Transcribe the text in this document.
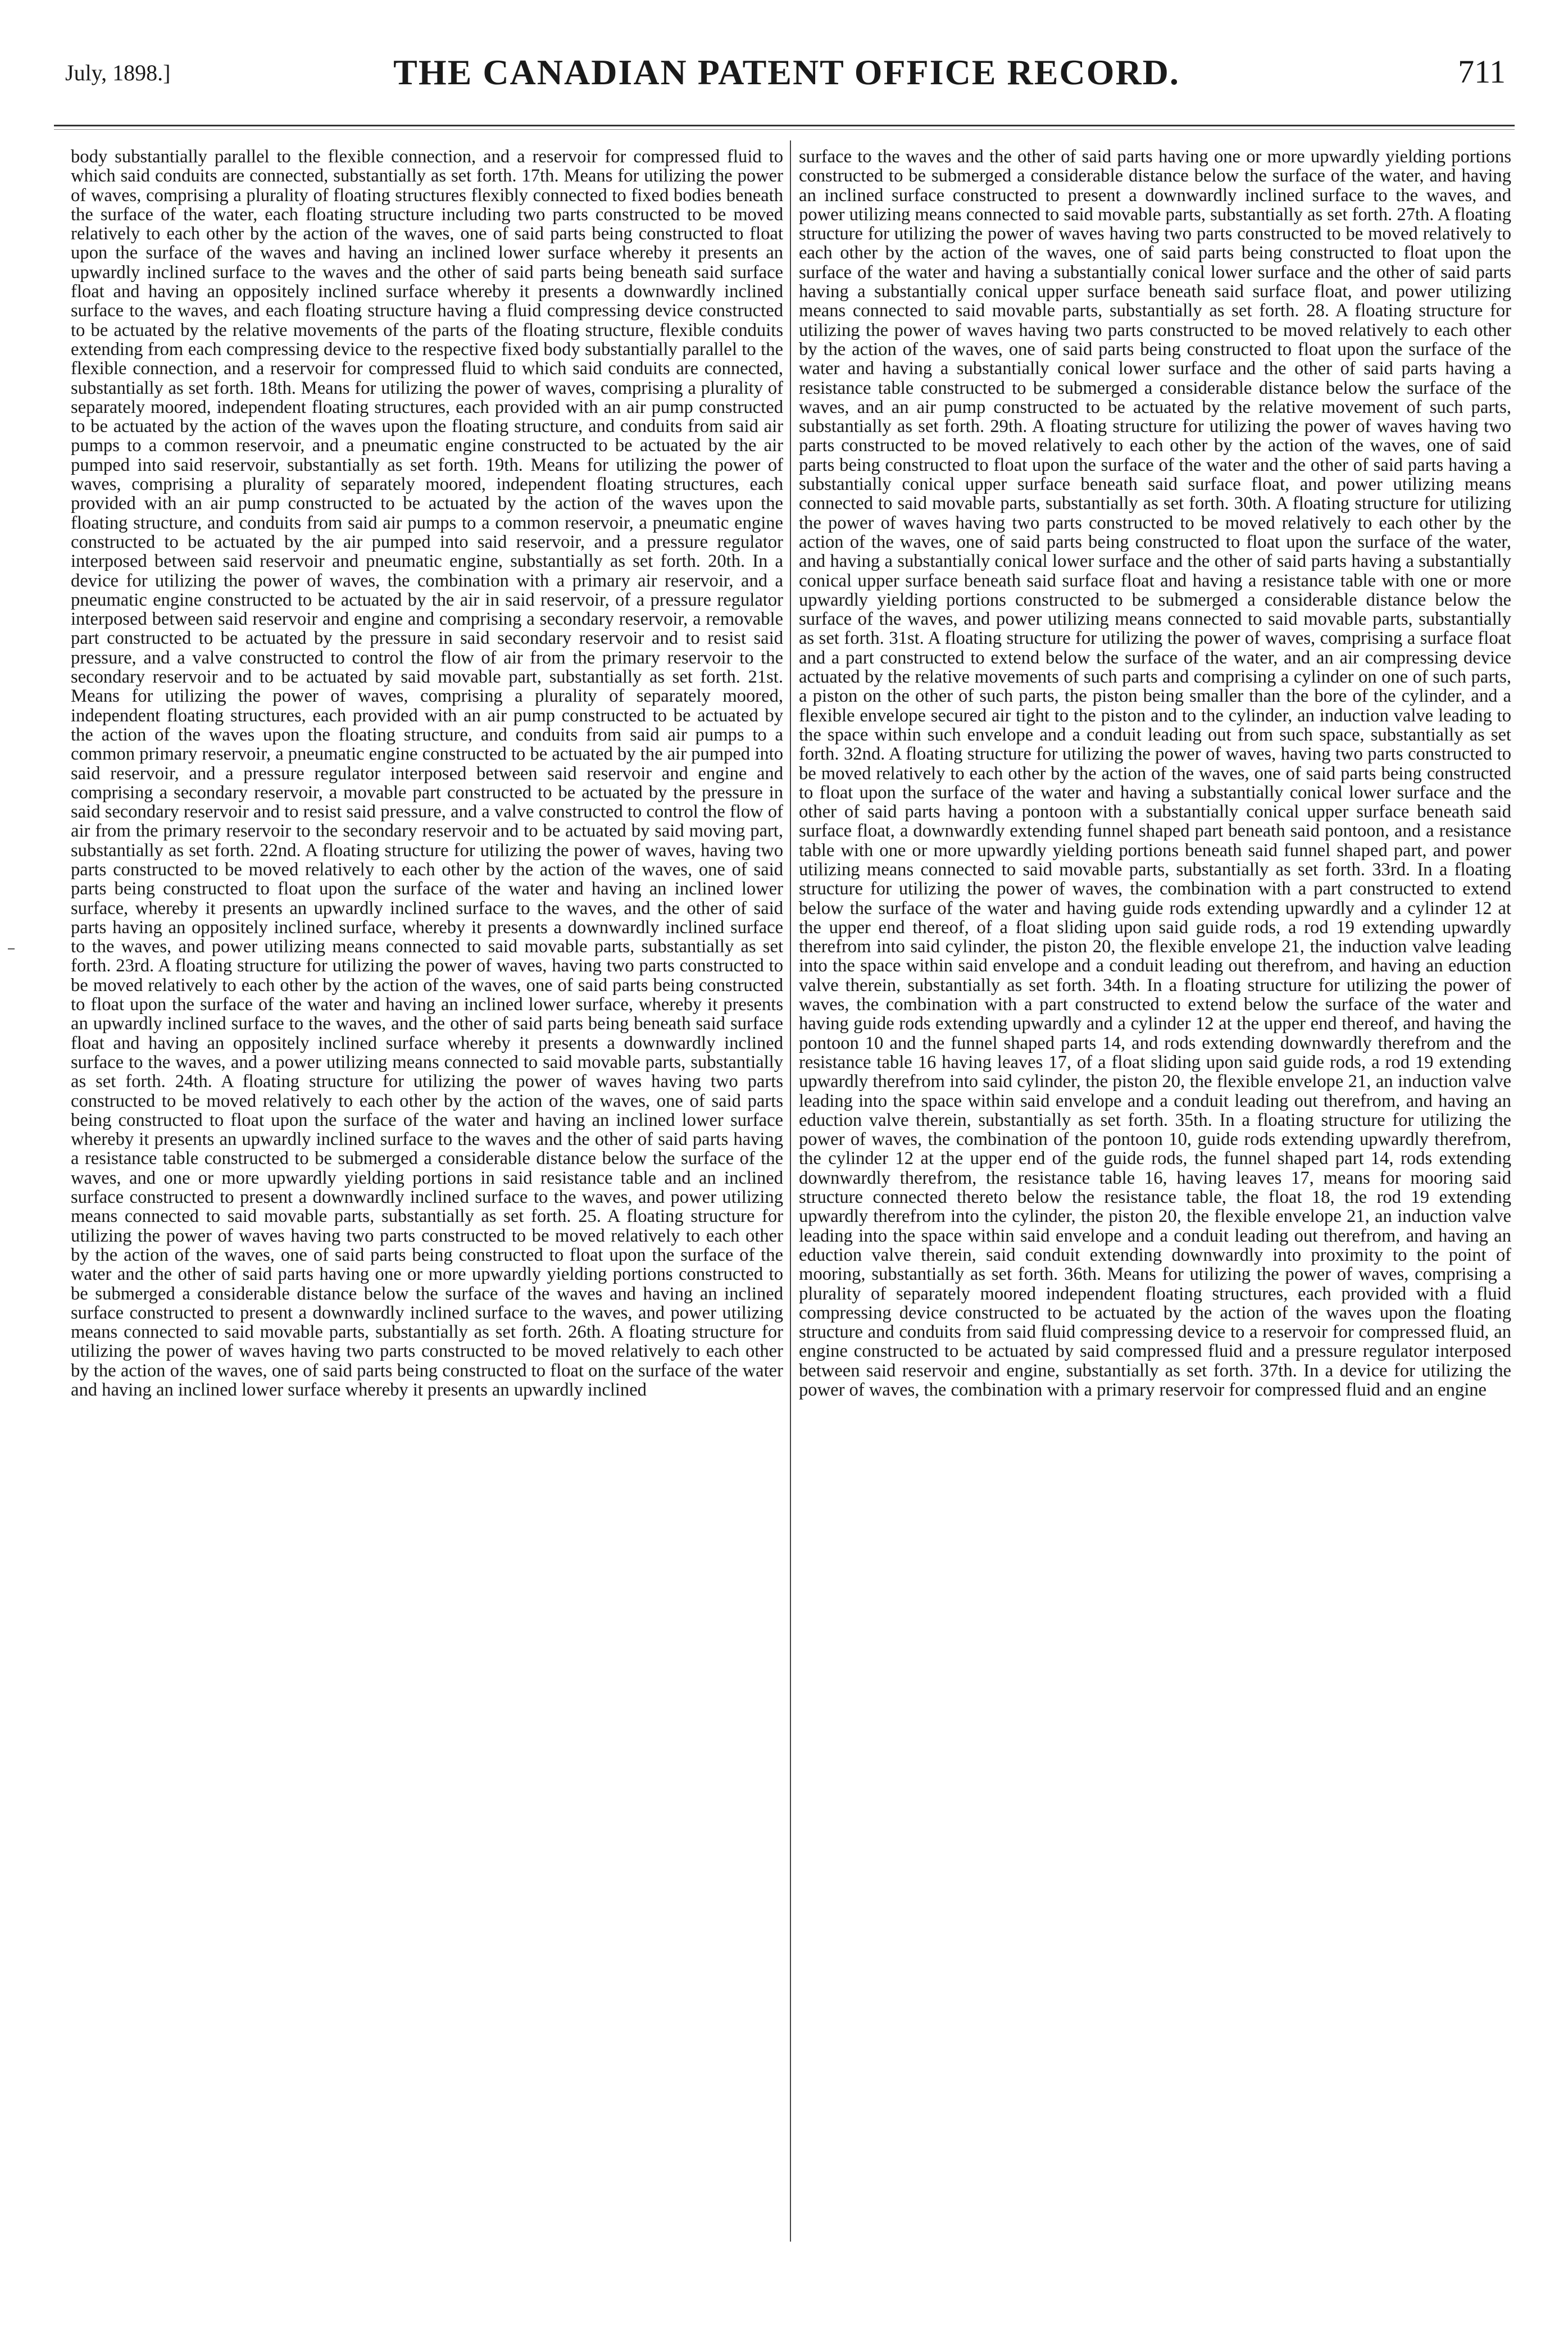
July, 1898.]	THE CANADIAN PATENT OFFICE RECORD.	711
body substantially parallel to the flexible connection, and a reservoir for compressed fluid to which said conduits are connected, substantially as set forth. 17th. Means for utilizing the power of waves, comprising a plurality of floating structures flexibly connected to fixed bodies beneath the surface of the water, each floating structure including two parts constructed to be moved relatively to each other by the action of the waves, one of said parts being constructed to float upon the surface of the waves and having an inclined lower surface whereby it presents an upwardly inclined surface to the waves and the other of said parts being beneath said surface float and having an oppositely inclined surface whereby it presents a downwardly inclined surface to the waves, and each floating structure having a fluid compressing device constructed to be actuated by the relative movements of the parts of the floating structure, flexible conduits extending from each compressing device to the respective fixed body substantially parallel to the flexible connection, and a reservoir for compressed fluid to which said conduits are connected, substantially as set forth. 18th. Means for utilizing the power of waves, comprising a plurality of separately moored, independent floating structures, each provided with an air pump constructed to be actuated by the action of the waves upon the floating structure, and conduits from said air pumps to a common reservoir, and a pneumatic engine constructed to be actuated by the air pumped into said reservoir, substantially as set forth. 19th. Means for utilizing the power of waves, comprising a plurality of separately moored, independent floating structures, each provided with an air pump constructed to be actuated by the action of the waves upon the floating structure, and conduits from said air pumps to a common reservoir, a pneumatic engine constructed to be actuated by the air pumped into said reservoir, and a pressure regulator interposed between said reservoir and pneumatic engine, substantially as set forth. 20th. In a device for utilizing the power of waves, the combination with a primary air reservoir, and a pneumatic engine constructed to be actuated by the air in said reservoir, of a pressure regulator interposed between said reservoir and engine and comprising a secondary reservoir, a removable part constructed to be actuated by the pressure in said secondary reservoir and to resist said pressure, and a valve constructed to control the flow of air from the primary reservoir to the secondary reservoir and to be actuated by said movable part, substantially as set forth. 21st. Means for utilizing the power of waves, comprising a plurality of separately moored, independent floating structures, each provided with an air pump constructed to be actuated by the action of the waves upon the floating structure, and conduits from said air pumps to a common primary reservoir, a pneumatic engine constructed to be actuated by the air pumped into said reservoir, and a pressure regulator interposed between said reservoir and engine and comprising a secondary reservoir, a movable part constructed to be actuated by the pressure in said secondary reservoir and to resist said pressure, and a valve constructed to control the flow of air from the primary reservoir to the secondary reservoir and to be actuated by said moving part, substantially as set forth. 22nd. A floating structure for utilizing the power of waves, having two parts constructed to be moved relatively to each other by the action of the waves, one of said parts being constructed to float upon the surface of the water and having an inclined lower surface, whereby it presents an upwardly inclined surface to the waves, and the other of said parts having an oppositely inclined surface, whereby it presents a downwardly inclined surface to the waves, and power utilizing means connected to said movable parts, substantially as set forth. 23rd. A floating structure for utilizing the power of waves, having two parts constructed to be moved relatively to each other by the action of the waves, one of said parts being constructed to float upon the surface of the water and having an inclined lower surface, whereby it presents an upwardly inclined surface to the waves, and the other of said parts being beneath said surface float and having an oppositely inclined surface whereby it presents a downwardly inclined surface to the waves, and a power utilizing means connected to said movable parts, substantially as set forth. 24th. A floating structure for utilizing the power of waves having two parts constructed to be moved relatively to each other by the action of the waves, one of said parts being constructed to float upon the surface of the water and having an inclined lower surface whereby it presents an upwardly inclined surface to the waves and the other of said parts having a resistance table constructed to be submerged a considerable distance below the surface of the waves, and one or more upwardly yielding portions in said resistance table and an inclined surface constructed to present a downwardly inclined surface to the waves, and power utilizing means connected to said movable parts, substantially as set forth. 25. A floating structure for utilizing the power of waves having two parts constructed to be moved relatively to each other by the action of the waves, one of said parts being constructed to float upon the surface of the water and the other of said parts having one or more upwardly yielding portions constructed to be submerged a considerable distance below the surface of the waves and having an inclined surface constructed to present a downwardly inclined surface to the waves, and power utilizing means connected to said movable parts, substantially as set forth. 26th. A floating structure for utilizing the power of waves having two parts constructed to be moved relatively to each other by the action of the waves, one of said parts being constructed to float on the surface of the water and having an inclined lower surface whereby it presents an upwardly inclined
surface to the waves and the other of said parts having one or more upwardly yielding portions constructed to be submerged a considerable distance below the surface of the water, and having an inclined surface constructed to present a downwardly inclined surface to the waves, and power utilizing means connected to said movable parts, substantially as set forth. 27th. A floating structure for utilizing the power of waves having two parts constructed to be moved relatively to each other by the action of the waves, one of said parts being constructed to float upon the surface of the water and having a substantially conical lower surface and the other of said parts having a substantially conical upper surface beneath said surface float, and power utilizing means connected to said movable parts, substantially as set forth. 28. A floating structure for utilizing the power of waves having two parts constructed to be moved relatively to each other by the action of the waves, one of said parts being constructed to float upon the surface of the water and having a substantially conical lower surface and the other of said parts having a resistance table constructed to be submerged a considerable distance below the surface of the waves, and an air pump constructed to be actuated by the relative movement of such parts, substantially as set forth. 29th. A floating structure for utilizing the power of waves having two parts constructed to be moved relatively to each other by the action of the waves, one of said parts being constructed to float upon the surface of the water and the other of said parts having a substantially conical upper surface beneath said surface float, and power utilizing means connected to said movable parts, substantially as set forth. 30th. A floating structure for utilizing the power of waves having two parts constructed to be moved relatively to each other by the action of the waves, one of said parts being constructed to float upon the surface of the water, and having a substantially conical lower surface and the other of said parts having a substantially conical upper surface beneath said surface float and having a resistance table with one or more upwardly yielding portions constructed to be submerged a considerable distance below the surface of the waves, and power utilizing means connected to said movable parts, substantially as set forth. 31st. A floating structure for utilizing the power of waves, comprising a surface float and a part constructed to extend below the surface of the water, and an air compressing device actuated by the relative movements of such parts and comprising a cylinder on one of such parts, a piston on the other of such parts, the piston being smaller than the bore of the cylinder, and a flexible envelope secured air tight to the piston and to the cylinder, an induction valve leading to the space within such envelope and a conduit leading out from such space, substantially as set forth. 32nd. A floating structure for utilizing the power of waves, having two parts constructed to be moved relatively to each other by the action of the waves, one of said parts being constructed to float upon the surface of the water and having a substantially conical lower surface and the other of said parts having a pontoon with a substantially conical upper surface beneath said surface float, a downwardly extending funnel shaped part beneath said pontoon, and a resistance table with one or more upwardly yielding portions beneath said funnel shaped part, and power utilizing means connected to said movable parts, substantially as set forth. 33rd. In a floating structure for utilizing the power of waves, the combination with a part constructed to extend below the surface of the water and having guide rods extending upwardly and a cylinder 12 at the upper end thereof, of a float sliding upon said guide rods, a rod 19 extending upwardly therefrom into said cylinder, the piston 20, the flexible envelope 21, the induction valve leading into the space within said envelope and a conduit leading out therefrom, and having an eduction valve therein, substantially as set forth. 34th. In a floating structure for utilizing the power of waves, the combination with a part constructed to extend below the surface of the water and having guide rods extending upwardly and a cylinder 12 at the upper end thereof, and having the pontoon 10 and the funnel shaped parts 14, and rods extending downwardly therefrom and the resistance table 16 having leaves 17, of a float sliding upon said guide rods, a rod 19 extending upwardly therefrom into said cylinder, the piston 20, the flexible envelope 21, an induction valve leading into the space within said envelope and a conduit leading out therefrom, and having an eduction valve therein, substantially as set forth. 35th. In a floating structure for utilizing the power of waves, the combination of the pontoon 10, guide rods extending upwardly therefrom, the cylinder 12 at the upper end of the guide rods, the funnel shaped part 14, rods extending downwardly therefrom, the resistance table 16, having leaves 17, means for mooring said structure connected thereto below the resistance table, the float 18, the rod 19 extending upwardly therefrom into the cylinder, the piston 20, the flexible envelope 21, an induction valve leading into the space within said envelope and a conduit leading out therefrom, and having an eduction valve therein, said conduit extending downwardly into proximity to the point of mooring, substantially as set forth. 36th. Means for utilizing the power of waves, comprising a plurality of separately moored independent floating structures, each provided with a fluid compressing device constructed to be actuated by the action of the waves upon the floating structure and conduits from said fluid compressing device to a reservoir for compressed fluid, an engine constructed to be actuated by said compressed fluid and a pressure regulator interposed between said reservoir and engine, substantially as set forth. 37th. In a device for utilizing the power of waves, the combination with a primary reservoir for compressed fluid and an engine
